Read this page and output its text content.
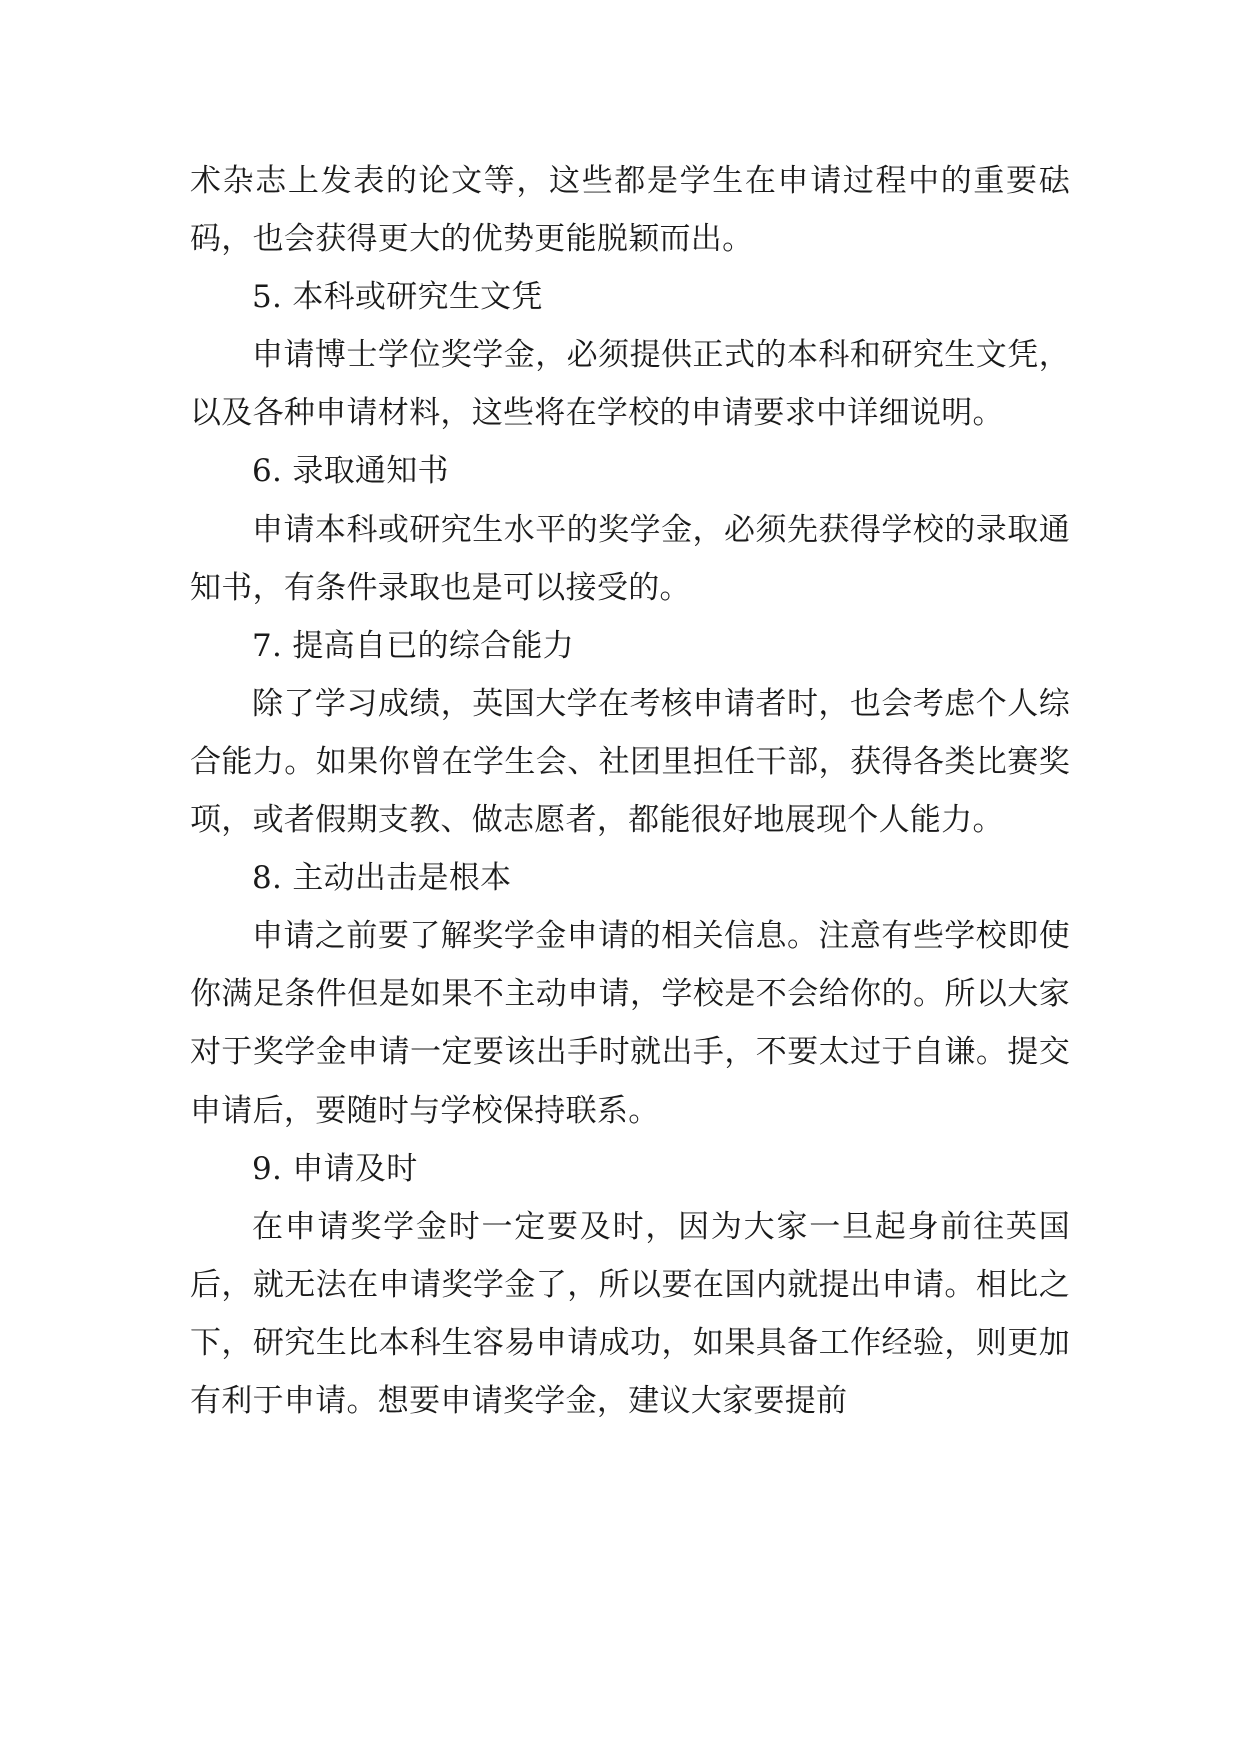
术杂志上发表的论文等，这些都是学生在申请过程中的重要砝码，也会获得更大的优势更能脱颖而出。

5. 本科或研究生文凭

申请博士学位奖学金，必须提供正式的本科和研究生文凭，以及各种申请材料，这些将在学校的申请要求中详细说明。

6. 录取通知书

申请本科或研究生水平的奖学金，必须先获得学校的录取通知书，有条件录取也是可以接受的。

7. 提高自已的综合能力

除了学习成绩，英国大学在考核申请者时，也会考虑个人综合能力。如果你曾在学生会、社团里担任干部，获得各类比赛奖项，或者假期支教、做志愿者，都能很好地展现个人能力。

8. 主动出击是根本

申请之前要了解奖学金申请的相关信息。注意有些学校即使你满足条件但是如果不主动申请，学校是不会给你的。所以大家对于奖学金申请一定要该出手时就出手，不要太过于自谦。提交申请后，要随时与学校保持联系。

9. 申请及时

在申请奖学金时一定要及时，因为大家一旦起身前往英国后，就无法在申请奖学金了，所以要在国内就提出申请。相比之下，研究生比本科生容易申请成功，如果具备工作经验，则更加有利于申请。想要申请奖学金，建议大家要提前
